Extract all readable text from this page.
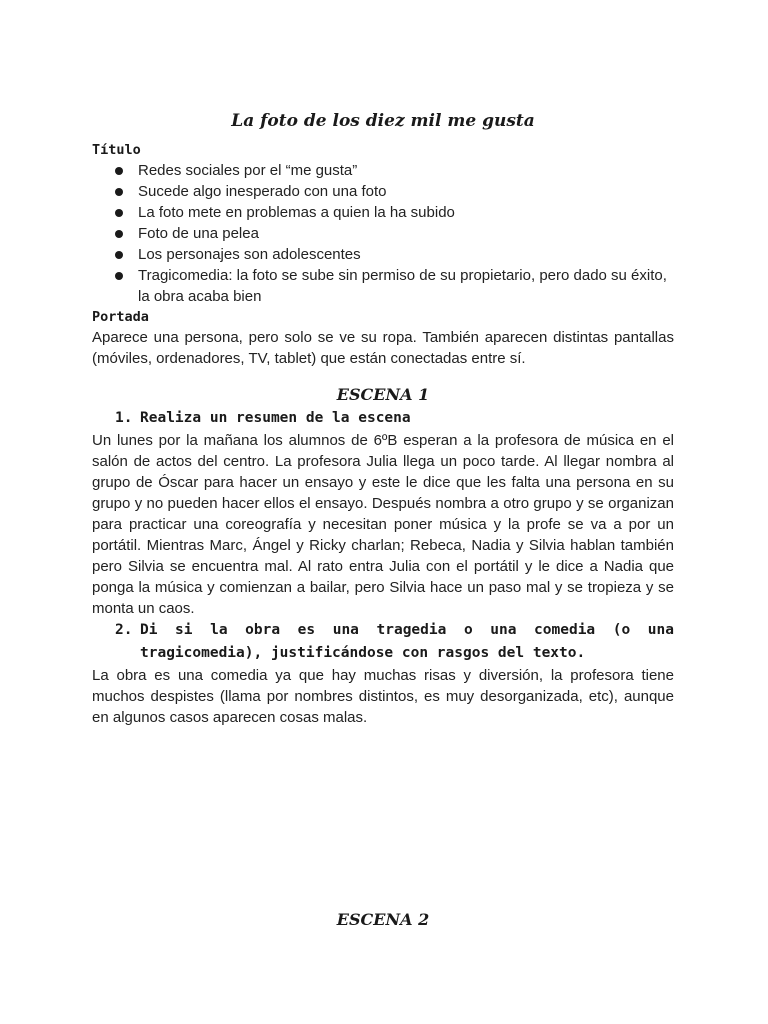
La foto de los diez mil me gusta

Título

Redes sociales por el “me gusta”
Sucede algo inesperado con una foto
La foto mete en problemas a quien la ha subido
Foto de una pelea
Los personajes son adolescentes
Tragicomedia: la foto se sube sin permiso de su propietario, pero dado su éxito, la obra acaba bien

Portada

Aparece una persona, pero solo se ve su ropa. También aparecen distintas pantallas (móviles, ordenadores, TV, tablet) que están conectadas entre sí.

ESCENA 1
1. Realiza un resumen de la escena

Un lunes por la mañana los alumnos de 6ºB esperan a la profesora de música en el salón de actos del centro. La profesora Julia llega un poco tarde. Al llegar nombra al grupo de Óscar para hacer un ensayo y este le dice que les falta una persona en su grupo y no pueden hacer ellos el ensayo. Después nombra a otro grupo y se organizan para practicar una coreografía y necesitan poner música y la profe se va a por un portátil. Mientras Marc, Ángel y Ricky charlan; Rebeca, Nadia y Silvia hablan también pero Silvia se encuentra mal. Al rato entra Julia con el portátil y le dice a Nadia que ponga la música y comienzan a bailar, pero Silvia hace un paso mal y se tropieza y se monta un caos.

2. Di si la obra es una tragedia o una comedia (o una tragicomedia), justificándose con rasgos del texto.

La obra es una comedia ya que hay muchas risas y diversión, la profesora tiene muchos despistes (llama por nombres distintos, es muy desorganizada, etc), aunque en algunos casos aparecen cosas malas.

ESCENA 2
